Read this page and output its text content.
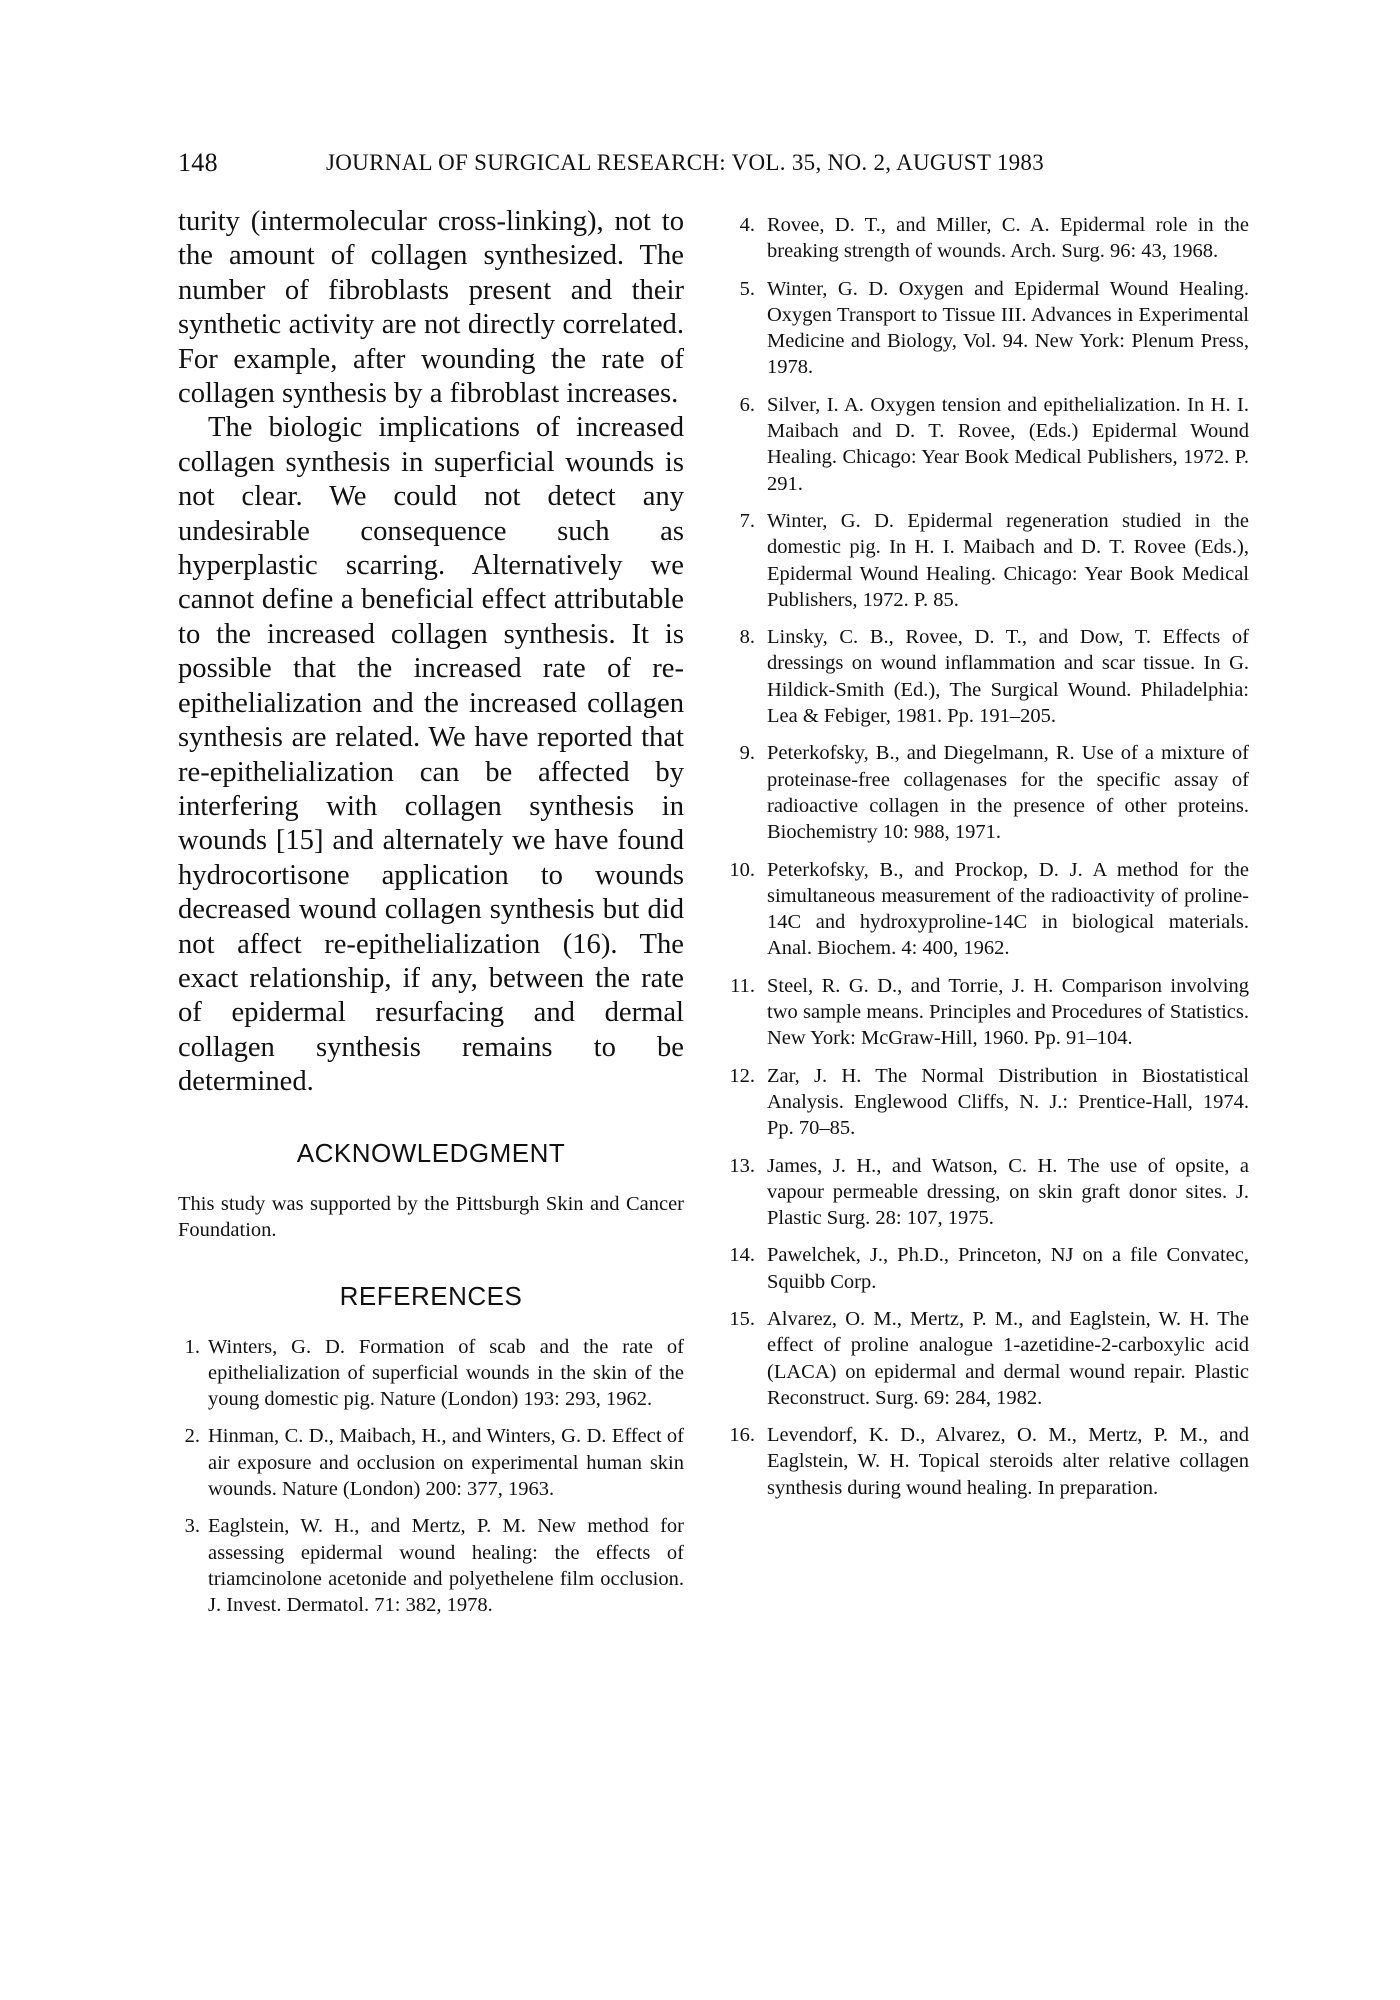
148	JOURNAL OF SURGICAL RESEARCH: VOL. 35, NO. 2, AUGUST 1983

turity (intermolecular cross-linking), not to the amount of collagen synthesized. The number of fibroblasts present and their synthetic activity are not directly correlated. For example, after wounding the rate of collagen synthesis by a fibroblast increases.

The biologic implications of increased collagen synthesis in superficial wounds is not clear. We could not detect any undesirable consequence such as hyperplastic scarring. Alternatively we cannot define a beneficial effect attributable to the increased collagen synthesis. It is possible that the increased rate of re-epithelialization and the increased collagen synthesis are related. We have reported that re-epithelialization can be affected by interfering with collagen synthesis in wounds [15] and alternately we have found hydrocortisone application to wounds decreased wound collagen synthesis but did not affect re-epithelialization (16). The exact relationship, if any, between the rate of epidermal resurfacing and dermal collagen synthesis remains to be determined.

ACKNOWLEDGMENT

This study was supported by the Pittsburgh Skin and Cancer Foundation.

REFERENCES
1. Winters, G. D. Formation of scab and the rate of epithelialization of superficial wounds in the skin of the young domestic pig. Nature (London) 193: 293, 1962.
2. Hinman, C. D., Maibach, H., and Winters, G. D. Effect of air exposure and occlusion on experimental human skin wounds. Nature (London) 200: 377, 1963.
3. Eaglstein, W. H., and Mertz, P. M. New method for assessing epidermal wound healing: the effects of triamcinolone acetonide and polyethelene film occlusion. J. Invest. Dermatol. 71: 382, 1978.
4. Rovee, D. T., and Miller, C. A. Epidermal role in the breaking strength of wounds. Arch. Surg. 96: 43, 1968.
5. Winter, G. D. Oxygen and Epidermal Wound Healing. Oxygen Transport to Tissue III. Advances in Experimental Medicine and Biology, Vol. 94. New York: Plenum Press, 1978.
6. Silver, I. A. Oxygen tension and epithelialization. In H. I. Maibach and D. T. Rovee, (Eds.) Epidermal Wound Healing. Chicago: Year Book Medical Publishers, 1972. P. 291.
7. Winter, G. D. Epidermal regeneration studied in the domestic pig. In H. I. Maibach and D. T. Rovee (Eds.), Epidermal Wound Healing. Chicago: Year Book Medical Publishers, 1972. P. 85.
8. Linsky, C. B., Rovee, D. T., and Dow, T. Effects of dressings on wound inflammation and scar tissue. In G. Hildick-Smith (Ed.), The Surgical Wound. Philadelphia: Lea & Febiger, 1981. Pp. 191–205.
9. Peterkofsky, B., and Diegelmann, R. Use of a mixture of proteinase-free collagenases for the specific assay of radioactive collagen in the presence of other proteins. Biochemistry 10: 988, 1971.
10. Peterkofsky, B., and Prockop, D. J. A method for the simultaneous measurement of the radioactivity of proline-14C and hydroxyproline-14C in biological materials. Anal. Biochem. 4: 400, 1962.
11. Steel, R. G. D., and Torrie, J. H. Comparison involving two sample means. Principles and Procedures of Statistics. New York: McGraw-Hill, 1960. Pp. 91–104.
12. Zar, J. H. The Normal Distribution in Biostatistical Analysis. Englewood Cliffs, N. J.: Prentice-Hall, 1974. Pp. 70–85.
13. James, J. H., and Watson, C. H. The use of opsite, a vapour permeable dressing, on skin graft donor sites. J. Plastic Surg. 28: 107, 1975.
14. Pawelchek, J., Ph.D., Princeton, NJ on a file Convatec, Squibb Corp.
15. Alvarez, O. M., Mertz, P. M., and Eaglstein, W. H. The effect of proline analogue 1-azetidine-2-carboxylic acid (LACA) on epidermal and dermal wound repair. Plastic Reconstruct. Surg. 69: 284, 1982.
16. Levendorf, K. D., Alvarez, O. M., Mertz, P. M., and Eaglstein, W. H. Topical steroids alter relative collagen synthesis during wound healing. In preparation.
